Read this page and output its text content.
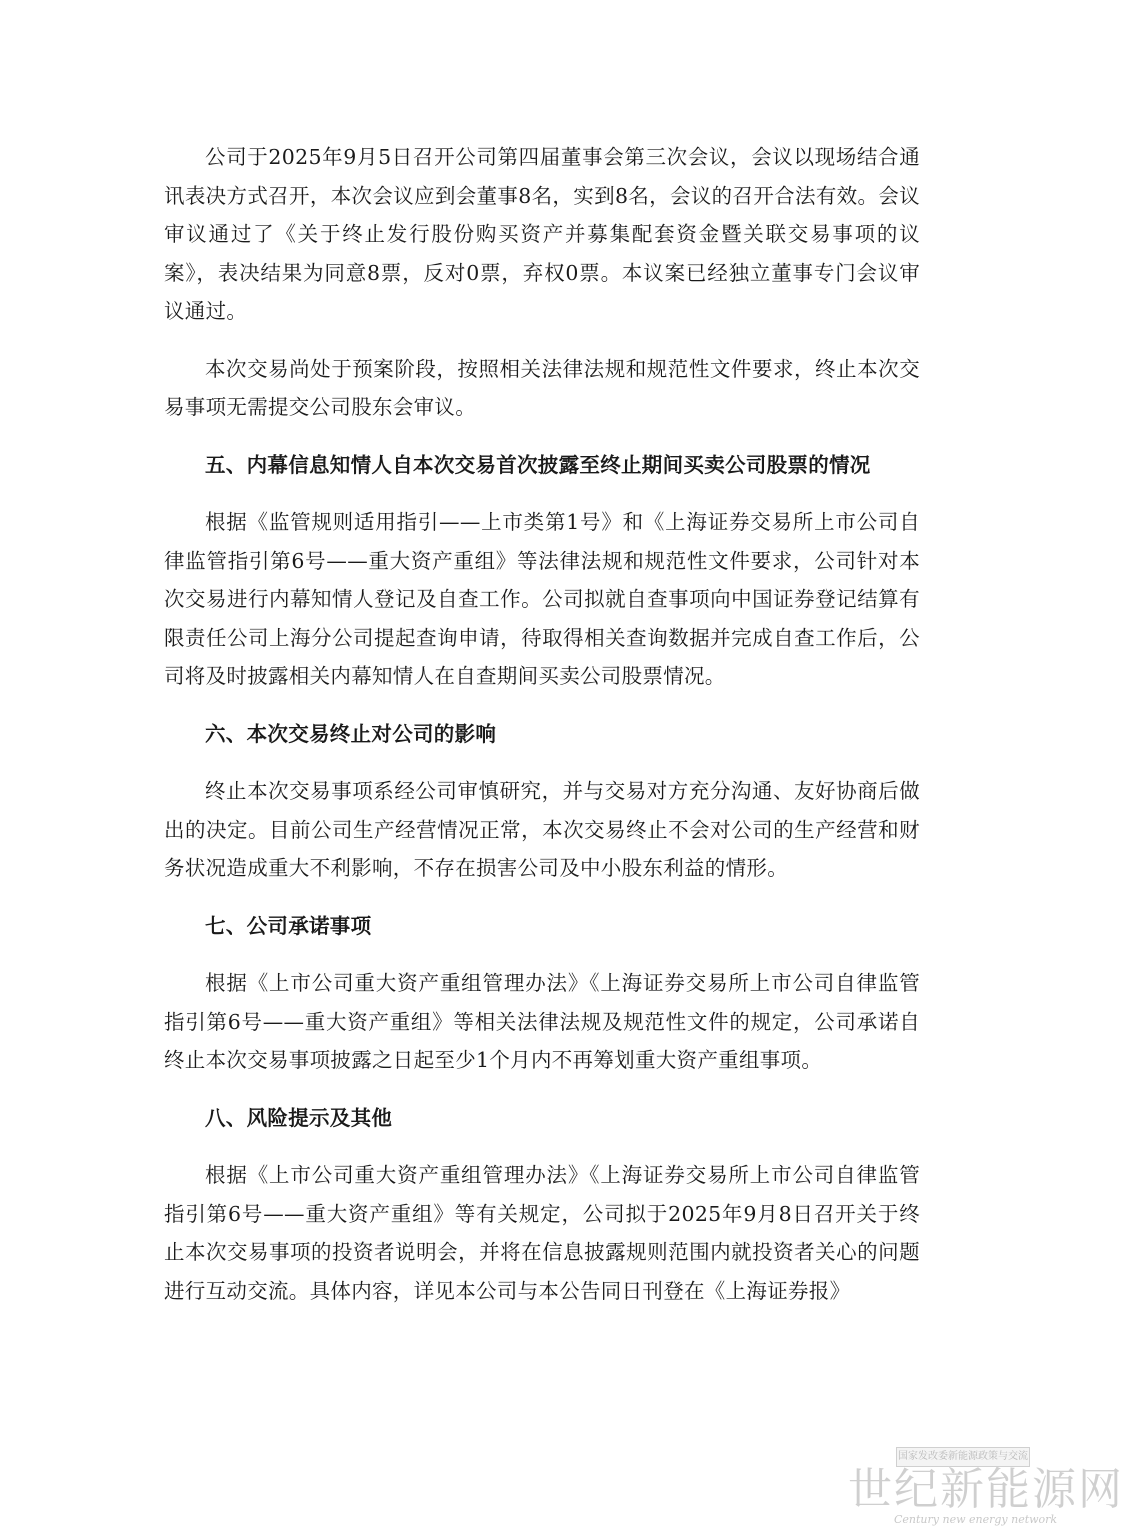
公司于2025年9月5日召开公司第四届董事会第三次会议，会议以现场结合通讯表决方式召开，本次会议应到会董事8名，实到8名，会议的召开合法有效。会议审议通过了《关于终止发行股份购买资产并募集配套资金暨关联交易事项的议案》，表决结果为同意8票，反对0票，弃权0票。本议案已经独立董事专门会议审议通过。

本次交易尚处于预案阶段，按照相关法律法规和规范性文件要求，终止本次交易事项无需提交公司股东会审议。

五、内幕信息知情人自本次交易首次披露至终止期间买卖公司股票的情况

根据《监管规则适用指引——上市类第1号》和《上海证券交易所上市公司自律监管指引第6号——重大资产重组》等法律法规和规范性文件要求，公司针对本次交易进行内幕知情人登记及自查工作。公司拟就自查事项向中国证券登记结算有限责任公司上海分公司提起查询申请，待取得相关查询数据并完成自查工作后，公司将及时披露相关内幕知情人在自查期间买卖公司股票情况。

六、本次交易终止对公司的影响

终止本次交易事项系经公司审慎研究，并与交易对方充分沟通、友好协商后做出的决定。目前公司生产经营情况正常，本次交易终止不会对公司的生产经营和财务状况造成重大不利影响，不存在损害公司及中小股东利益的情形。

七、公司承诺事项

根据《上市公司重大资产重组管理办法》《上海证券交易所上市公司自律监管指引第6号——重大资产重组》等相关法律法规及规范性文件的规定，公司承诺自终止本次交易事项披露之日起至少1个月内不再筹划重大资产重组事项。

八、风险提示及其他

根据《上市公司重大资产重组管理办法》《上海证券交易所上市公司自律监管指引第6号——重大资产重组》等有关规定，公司拟于2025年9月8日召开关于终止本次交易事项的投资者说明会，并将在信息披露规则范围内就投资者关心的问题进行互动交流。具体内容，详见本公司与本公告同日刊登在《上海证券报》

国家发改委新能源政策与交流
世纪新能源网
Century new energy network
